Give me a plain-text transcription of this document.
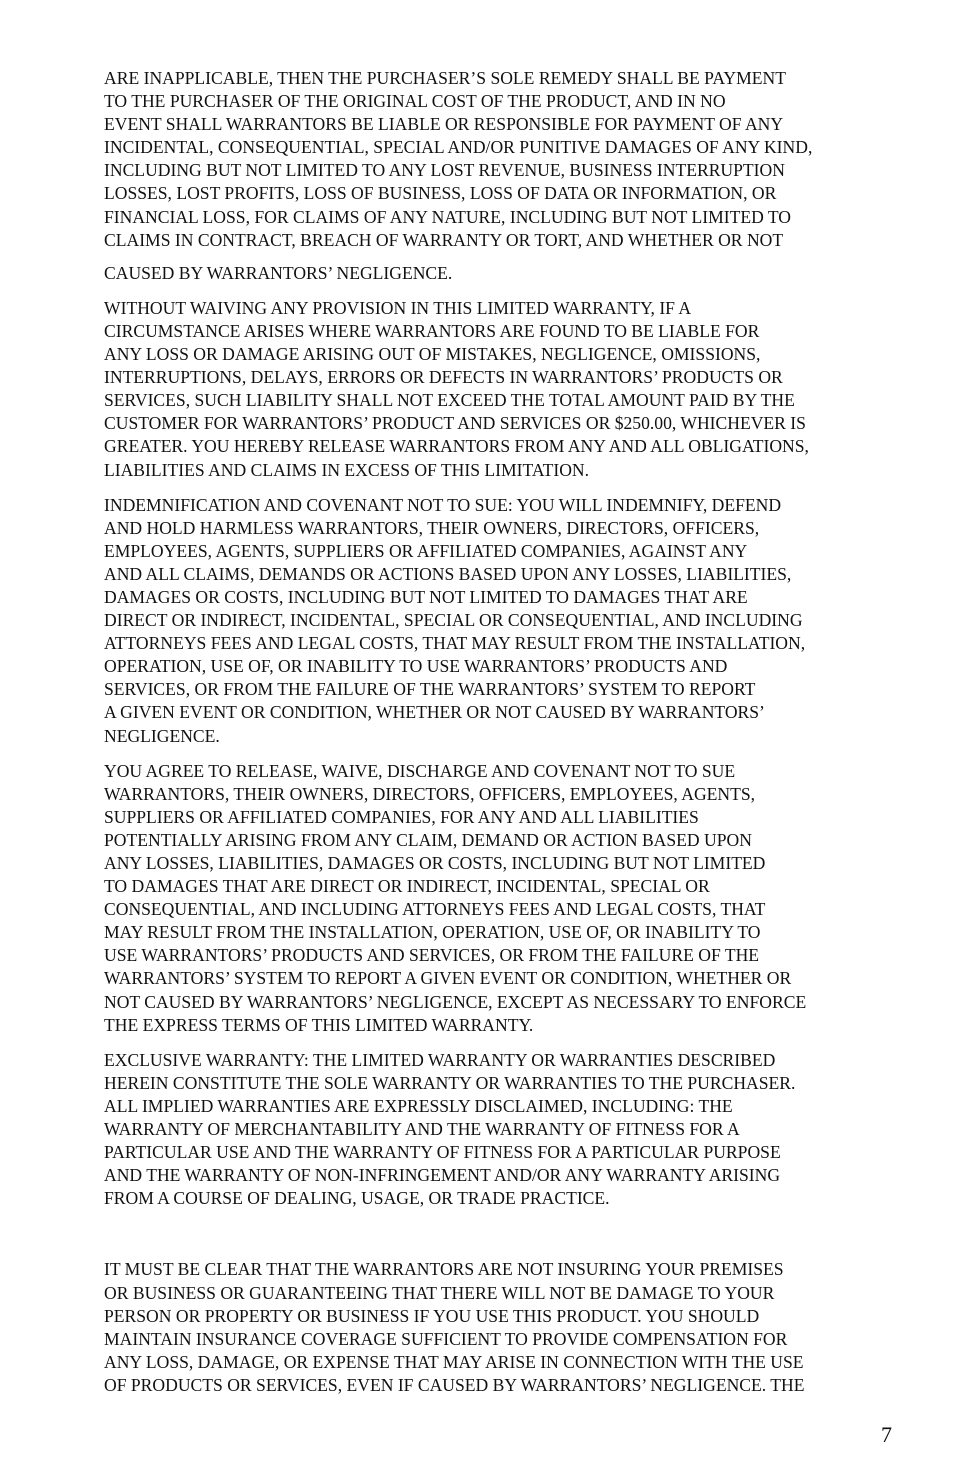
ARE INAPPLICABLE, THEN THE PURCHASER’S SOLE REMEDY SHALL BE PAYMENT
TO THE PURCHASER OF THE ORIGINAL COST OF THE PRODUCT, AND IN NO
EVENT SHALL WARRANTORS BE LIABLE OR RESPONSIBLE FOR PAYMENT OF ANY
INCIDENTAL, CONSEQUENTIAL, SPECIAL AND/OR PUNITIVE DAMAGES OF ANY KIND,
INCLUDING BUT NOT LIMITED TO ANY LOST REVENUE, BUSINESS INTERRUPTION
LOSSES, LOST PROFITS, LOSS OF BUSINESS, LOSS OF DATA OR INFORMATION, OR
FINANCIAL LOSS, FOR CLAIMS OF ANY NATURE, INCLUDING BUT NOT LIMITED TO
CLAIMS IN CONTRACT, BREACH OF WARRANTY OR TORT, AND WHETHER OR NOT
CAUSED BY WARRANTORS’ NEGLIGENCE.
WITHOUT WAIVING ANY PROVISION IN THIS LIMITED WARRANTY, IF A
CIRCUMSTANCE ARISES WHERE WARRANTORS ARE FOUND TO BE LIABLE FOR
ANY LOSS OR DAMAGE ARISING OUT OF MISTAKES, NEGLIGENCE, OMISSIONS,
INTERRUPTIONS, DELAYS, ERRORS OR DEFECTS IN WARRANTORS’ PRODUCTS OR
SERVICES, SUCH LIABILITY SHALL NOT EXCEED THE TOTAL AMOUNT PAID BY THE
CUSTOMER FOR WARRANTORS’ PRODUCT AND SERVICES OR $250.00, WHICHEVER IS
GREATER. YOU HEREBY RELEASE WARRANTORS FROM ANY AND ALL OBLIGATIONS,
LIABILITIES AND CLAIMS IN EXCESS OF THIS LIMITATION.
INDEMNIFICATION AND COVENANT NOT TO SUE: YOU WILL INDEMNIFY, DEFEND
AND HOLD HARMLESS WARRANTORS, THEIR OWNERS, DIRECTORS, OFFICERS,
EMPLOYEES, AGENTS, SUPPLIERS OR AFFILIATED COMPANIES, AGAINST ANY
AND ALL CLAIMS, DEMANDS OR ACTIONS BASED UPON ANY LOSSES, LIABILITIES,
DAMAGES OR COSTS, INCLUDING BUT NOT LIMITED TO DAMAGES THAT ARE
DIRECT OR INDIRECT, INCIDENTAL, SPECIAL OR CONSEQUENTIAL, AND INCLUDING
ATTORNEYS FEES AND LEGAL COSTS, THAT MAY RESULT FROM THE INSTALLATION,
OPERATION, USE OF, OR INABILITY TO USE WARRANTORS’ PRODUCTS AND
SERVICES, OR FROM THE FAILURE OF THE WARRANTORS’ SYSTEM TO REPORT
A GIVEN EVENT OR CONDITION, WHETHER OR NOT CAUSED BY WARRANTORS’
NEGLIGENCE.
YOU AGREE TO RELEASE, WAIVE, DISCHARGE AND COVENANT NOT TO SUE
WARRANTORS, THEIR OWNERS, DIRECTORS, OFFICERS, EMPLOYEES, AGENTS,
SUPPLIERS OR AFFILIATED COMPANIES, FOR ANY AND ALL LIABILITIES
POTENTIALLY ARISING FROM ANY CLAIM, DEMAND OR ACTION BASED UPON
ANY LOSSES, LIABILITIES, DAMAGES OR COSTS, INCLUDING BUT NOT LIMITED
TO DAMAGES THAT ARE DIRECT OR INDIRECT, INCIDENTAL, SPECIAL OR
CONSEQUENTIAL, AND INCLUDING ATTORNEYS FEES AND LEGAL COSTS, THAT
MAY RESULT FROM THE INSTALLATION, OPERATION, USE OF, OR INABILITY TO
USE WARRANTORS’ PRODUCTS AND SERVICES, OR FROM THE FAILURE OF THE
WARRANTORS’ SYSTEM TO REPORT A GIVEN EVENT OR CONDITION, WHETHER OR
NOT CAUSED BY WARRANTORS’ NEGLIGENCE, EXCEPT AS NECESSARY TO ENFORCE
THE EXPRESS TERMS OF THIS LIMITED WARRANTY.
EXCLUSIVE WARRANTY: THE LIMITED WARRANTY OR WARRANTIES DESCRIBED
HEREIN CONSTITUTE THE SOLE WARRANTY OR WARRANTIES TO THE PURCHASER.
ALL IMPLIED WARRANTIES ARE EXPRESSLY DISCLAIMED, INCLUDING: THE
WARRANTY OF MERCHANTABILITY AND THE WARRANTY OF FITNESS FOR A
PARTICULAR USE AND THE WARRANTY OF FITNESS FOR A PARTICULAR PURPOSE
AND THE WARRANTY OF NON-INFRINGEMENT AND/OR ANY WARRANTY ARISING
FROM A COURSE OF DEALING, USAGE, OR TRADE PRACTICE.
IT MUST BE CLEAR THAT THE WARRANTORS ARE NOT INSURING YOUR PREMISES
OR BUSINESS OR GUARANTEEING THAT THERE WILL NOT BE DAMAGE TO YOUR
PERSON OR PROPERTY OR BUSINESS IF YOU USE THIS PRODUCT. YOU SHOULD
MAINTAIN INSURANCE COVERAGE SUFFICIENT TO PROVIDE COMPENSATION FOR
ANY LOSS, DAMAGE, OR EXPENSE THAT MAY ARISE IN CONNECTION WITH THE USE
OF PRODUCTS OR SERVICES, EVEN IF CAUSED BY WARRANTORS’ NEGLIGENCE. THE
7
